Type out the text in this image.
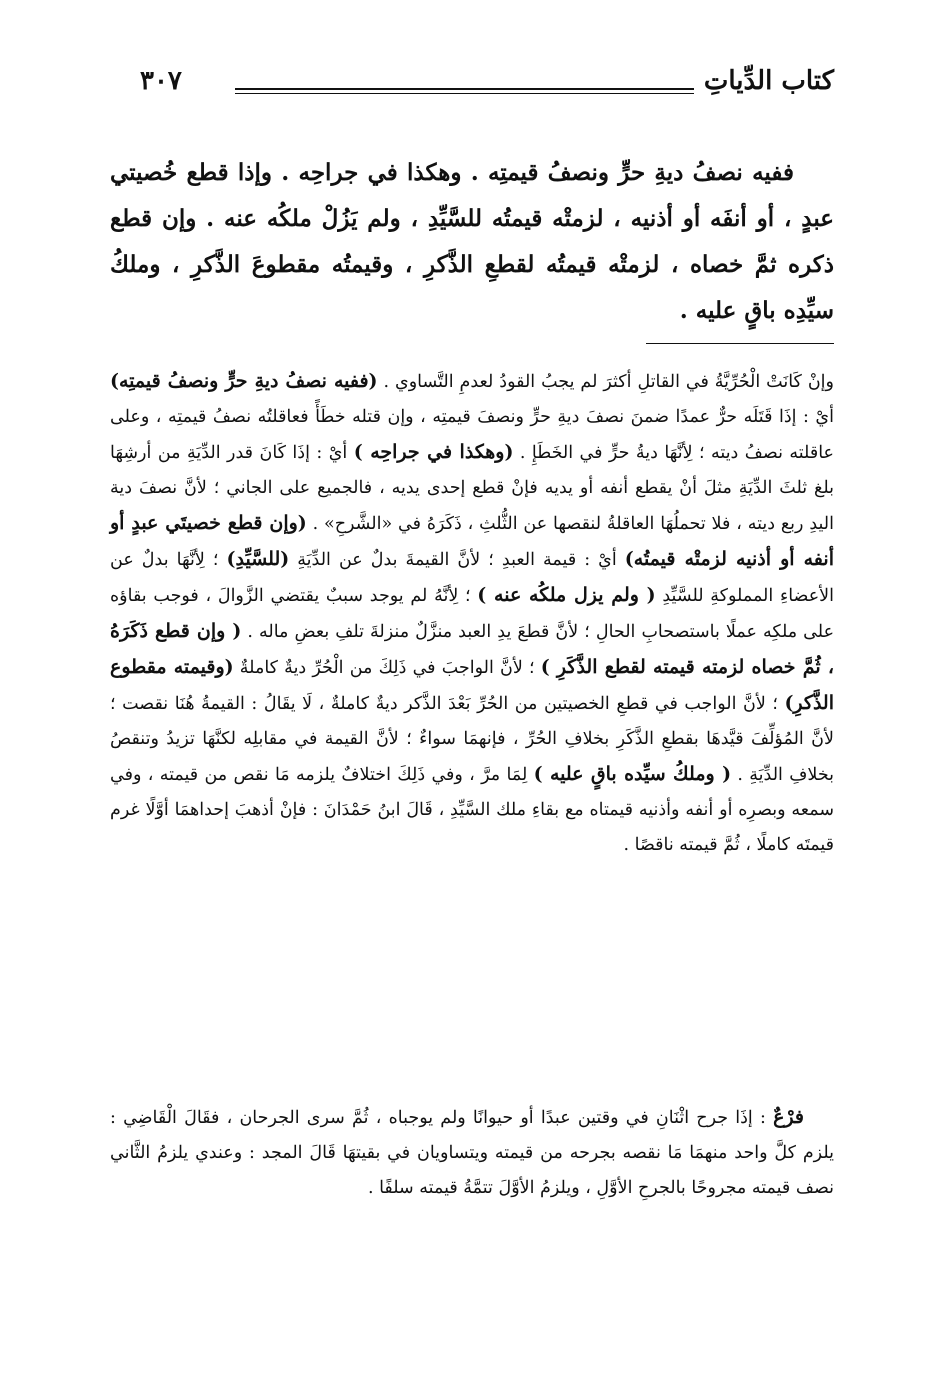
كتاب الدِّياتِ
٣٠٧

ففيه نصفُ ديةِ حرٍّ ونصفُ قيمتِه . وهكذا في جراحِه . وإذا قطع خُصيتي عبدٍ ، أو أنفَه أو أذنيه ، لزمتْه قيمتُه للسَّيِّدِ ، ولم يَزُلْ ملكُه عنه . وإن قطع ذكره ثمَّ خصاه ، لزمتْه قيمتُه لقطعِ الذَّكرِ ، وقيمتُه مقطوعَ الذَّكرِ ، وملكُ سيِّدِه باقٍ عليه .

وإنْ كَانَتْ الْحُرِّيَّةُ في القاتلِ أكثرَ لم يجبُ القودُ لعدمِ التَّساوي . (ففيه نصفُ ديةِ حرٍّ ونصفُ قيمتِه) أيْ : إذَا قَتَلَه حرٌّ عمدًا ضمنَ نصفَ ديةِ حرٍّ ونصفَ قيمتِه ، وإن قتله خطَأً فعاقلتُه نصفُ قيمتِه ، وعلى عاقلته نصفُ ديته ؛ لِأنَّهَا ديةُ حرٍّ في الخَطَإِ . (وهكذا في جراحِه ) أيْ : إذَا كَانَ قدر الدِّيَةِ من أرشِهَا بلغ ثلثَ الدِّيَةِ مثلَ أنْ يقطع أنفه أو يديه فإنْ قطع إحدى يديه ، فالجميع على الجاني ؛ لأنَّ نصفَ دية اليدِ ربع ديته ، فلا تحملُهَا العاقلةُ لنقصها عن الثُّلثِ ، ذَكَرَهُ في «الشَّرحِ» . (وإن قطع خصيتَي عبدٍ أو أنفه أو أذنيه لزمتْه قيمتُه) أيْ : قيمة العبدِ ؛ لأنَّ القيمةَ بدلٌ عن الدِّيَةِ (للسَّيِّدِ) ؛ لِأنَّهَا بدلٌ عن الأعضاءِ المملوكةِ للسَّيِّدِ ( ولم يزل ملكُه عنه ) ؛ لِأنَّهُ لم يوجد سببٌ يقتضي الزَّوالَ ، فوجب بقاؤه على ملكِه عملًا باستصحابِ الحالِ ؛ لأنَّ قطعَ يدِ العبد منزَّلٌ منزلةَ تلفِ بعضِ ماله . ( وإن قطع ذَكَرَهُ ، ثُمَّ خصاه لزمته قيمته لقطع الذَّكَرِ ) ؛ لأنَّ الواجبَ في ذَلِكَ من الْحُرِّ ديةٌ كاملةٌ (وقيمته مقطوع الذَّكرِ) ؛ لأنَّ الواجب في قطعِ الخصيتين من الحُرِّ بَعْدَ الذَّكر ديةٌ كاملةٌ ، لَا يقَالُ : القيمةُ هُنَا نقصت ؛ لأنَّ المُؤلِّفَ قيَّدهَا بقطعِ الذَّكَرِ بخلافِ الحُرِّ ، فإنهمَا سواءٌ ؛ لأنَّ القيمة في مقابلِه لكنَّهَا تزيدُ وتنقصُ بخلافِ الدِّيَةِ . ( وملكُ سيِّده باقٍ عليه ) لِمَا مرَّ ، وفي ذَلِكَ اختلافٌ يلزمه مَا نقص من قيمته ، وفي سمعه وبصرِه أو أنفه وأذنيه قيمتاه مع بقاءِ ملك السَّيِّدِ ، قَالَ ابنُ حَمْدَانَ : فإنْ أذهبَ إحداهمَا أوَّلًا غرم قيمتَه كاملًا ، ثُمَّ قيمته ناقصًا .

فرْعٌ : إذَا جرح اثْنَانِ في وقتين عبدًا أو حيوانًا ولم يوجباه ، ثُمَّ سرى الجرحان ، فقَالَ الْقَاضِي : يلزم كلَّ واحد منهمَا مَا نقصه بجرحه من قيمته ويتساويان في بقيتهَا قَالَ المجد : وعندي يلزمُ الثَّاني نصف قيمته مجروحًا بالجرحِ الأوَّلِ ، ويلزمُ الأوَّلَ تتمَّةُ قيمته سلفًا .
